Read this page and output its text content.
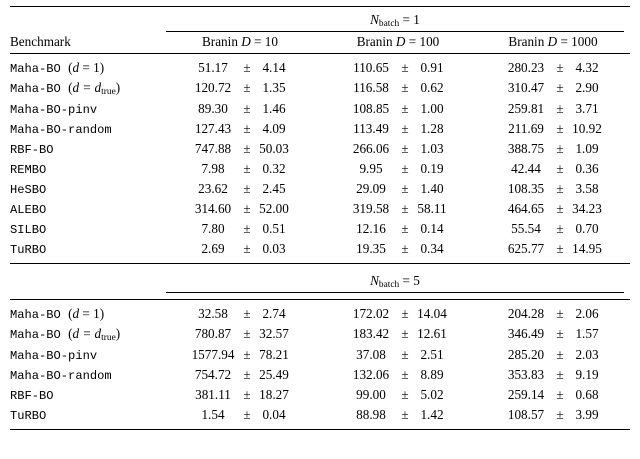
	$N_{batch} = 1$		

Benchmark	Branin D = 10	Branin D = 100	Branin D = 1000

Maha-BO (d = 1)	51.17 ± 4.14	110.65 ± 0.91	280.23 ± 4.32

Maha-BO $(d = d_{true})$	120.72 ± 1.35	116.58 ± 0.62	310.47 ± 2.90

Maha-BO-pinv	89.30 ± 1.46	108.85 ± 1.00	259.81 ± 3.71

Maha-BO-random	127.43 ± 4.09	113.49 ± 1.28	211.69 ± 10.92

RBF-BO	747.88 ± 50.03	266.06 ± 1.03	388.75 ± 1.09

REMBO	7.98 ± 0.32	9.95 ± 0.19	42.44 ± 0.36

HeSBO	23.62 ± 2.45	29.09 ± 1.40	108.35 ± 3.58

ALEBO	314.60 ± 52.00	319.58 ± 58.11	464.65 ± 34.23

SILBO	7.80 ± 0.51	12.16 ± 0.14	55.54 ± 0.70

TuRBO	2.69 ± 0.03	19.35 ± 0.34	625.77 ± 14.95

	$N_{batch} = 5$		

Maha-BO (d = 1)	32.58 ± 2.74	172.02 ± 14.04	204.28 ± 2.06

Maha-BO $(d = d_{true})$	780.87 ± 32.57	183.42 ± 12.61	346.49 ± 1.57

Maha-BO-pinv	1577.94 ± 78.21	37.08 ± 2.51	285.20 ± 2.03

Maha-BO-random	754.72 ± 25.49	132.06 ± 8.89	353.83 ± 9.19

RBF-BO	381.11 ± 18.27	99.00 ± 5.02	259.14 ± 0.68

TuRBO	1.54 ± 0.04	88.98 ± 1.42	108.57 ± 3.99
